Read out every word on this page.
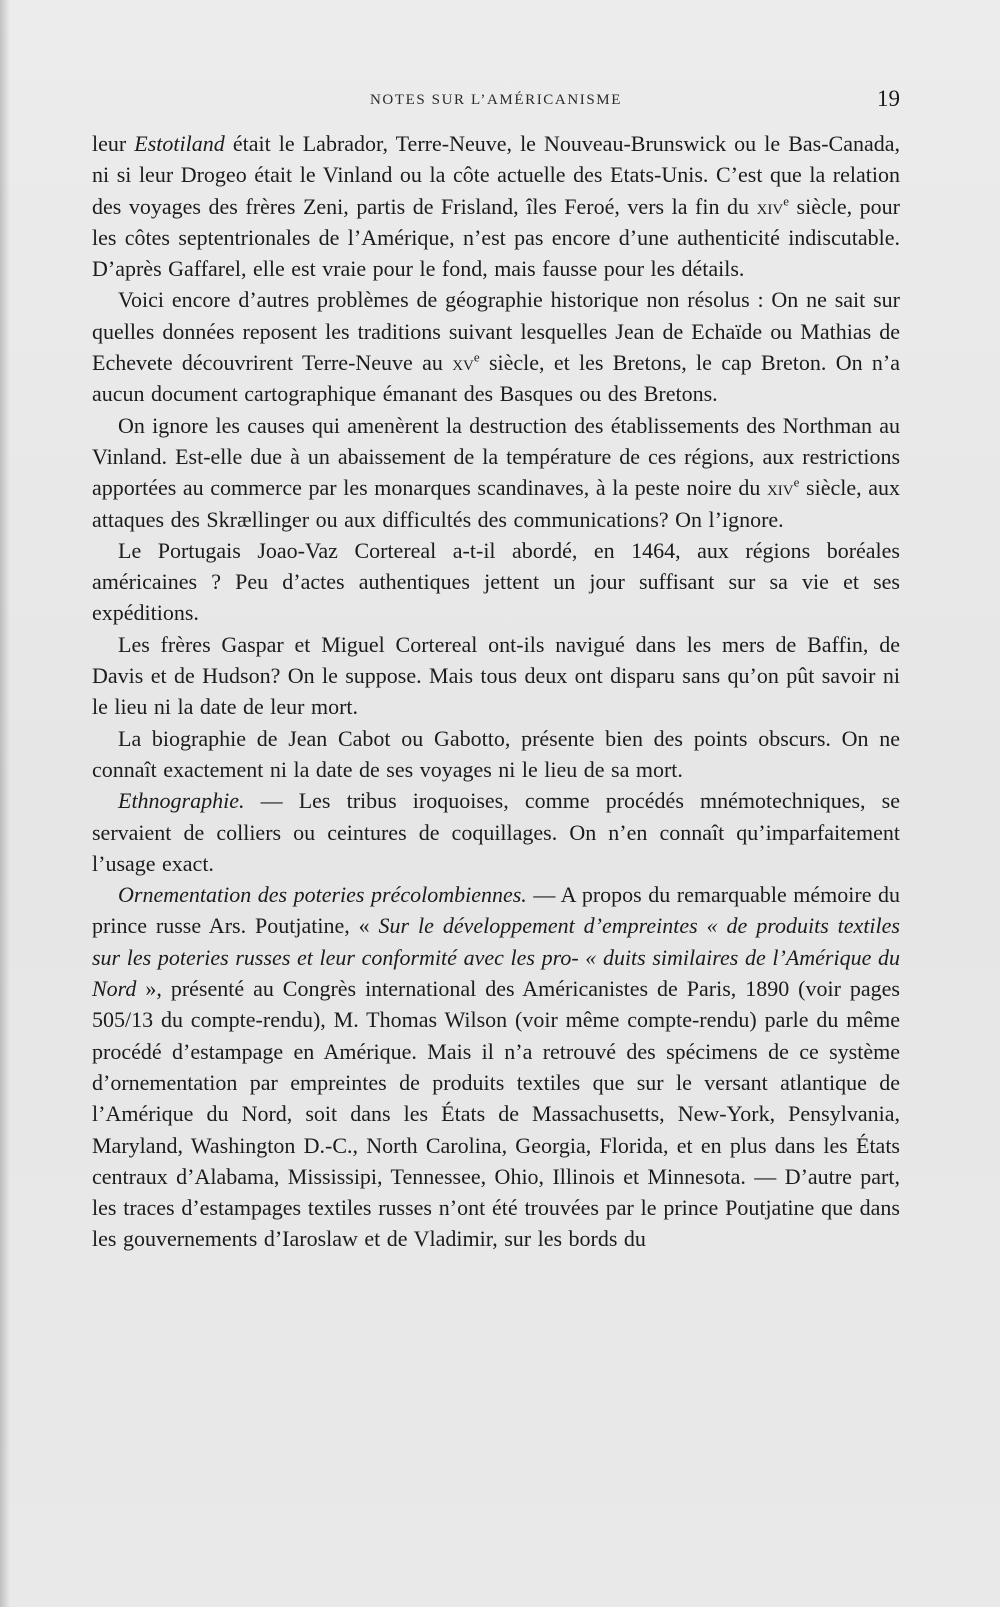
NOTES SUR L’AMÉRICANISME	19

leur Estotiland était le Labrador, Terre-Neuve, le Nouveau-Brunswick ou le Bas-Canada, ni si leur Drogeo était le Vinland ou la côte actuelle des Etats-Unis. C’est que la relation des voyages des frères Zeni, partis de Frisland, îles Feroé, vers la fin du xiv$^e$ siècle, pour les côtes septentrionales de l’Amérique, n’est pas encore d’une authenticité indiscutable. D’après Gaffarel, elle est vraie pour le fond, mais fausse pour les détails.

Voici encore d’autres problèmes de géographie historique non résolus : On ne sait sur quelles données reposent les traditions suivant lesquelles Jean de Echaïde ou Mathias de Echevete découvrirent Terre-Neuve au $xv^e$ siècle, et les Bretons, le cap Breton. On n’a aucun document cartographique émanant des Basques ou des Bretons.

On ignore les causes qui amenèrent la destruction des établissements des Northman au Vinland. Est-elle due à un abaissement de la température de ces régions, aux restrictions apportées au commerce par les monarques scandinaves, à la peste noire du xiv$^e$ siècle, aux attaques des Skrællinger ou aux difficultés des communications? On l’ignore.

Le Portugais Joao-Vaz Cortereal a-t-il abordé, en 1464, aux régions boréales américaines ? Peu d’actes authentiques jettent un jour suffisant sur sa vie et ses expéditions.

Les frères Gaspar et Miguel Cortereal ont-ils navigué dans les mers de Baffin, de Davis et de Hudson? On le suppose. Mais tous deux ont disparu sans qu’on pût savoir ni le lieu ni la date de leur mort.

La biographie de Jean Cabot ou Gabotto, présente bien des points obscurs. On ne connaît exactement ni la date de ses voyages ni le lieu de sa mort.

Ethnographie. — Les tribus iroquoises, comme procédés mnémotechniques, se servaient de colliers ou ceintures de coquillages. On n’en connaît qu’imparfaitement l’usage exact.

Ornementation des poteries précolombiennes. — A propos du remarquable mémoire du prince russe Ars. Poutjatine, « Sur le développement d’empreintes « de produits textiles sur les poteries russes et leur conformité avec les pro- « duits similaires de l’Amérique du Nord », présenté au Congrès international des Américanistes de Paris, 1890 (voir pages 505/13 du compte-rendu), M. Thomas Wilson (voir même compte-rendu) parle du même procédé d’estampage en Amérique. Mais il n’a retrouvé des spécimens de ce système d’ornementation par empreintes de produits textiles que sur le versant atlantique de l’Amérique du Nord, soit dans les États de Massachusetts, New-York, Pensylvania, Maryland, Washington D.-C., North Carolina, Georgia, Florida, et en plus dans les États centraux d’Alabama, Mississipi, Tennessee, Ohio, Illinois et Minnesota. — D’autre part, les traces d’estampages textiles russes n’ont été trouvées par le prince Poutjatine que dans les gouvernements d’Iaroslaw et de Vladimir, sur les bords du
